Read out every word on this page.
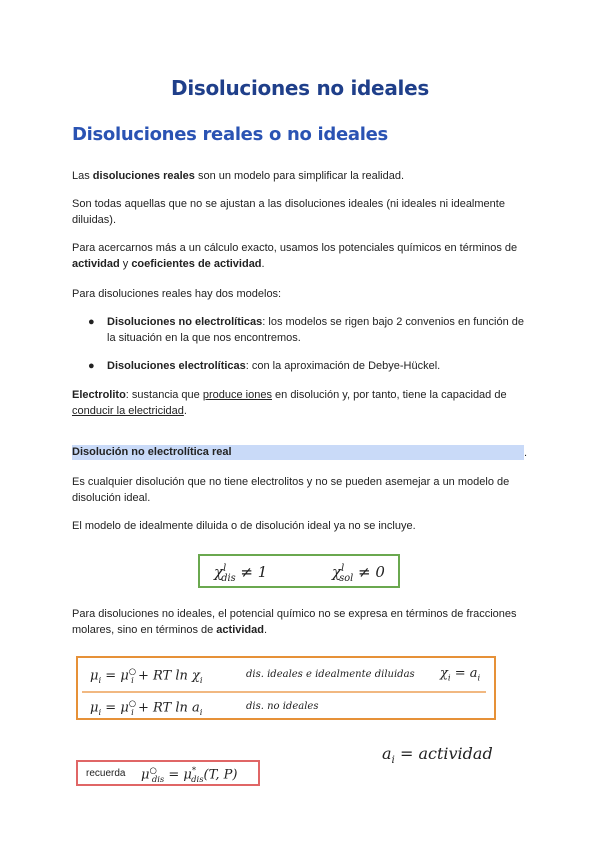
Disoluciones no ideales
Disoluciones reales o no ideales
Las disoluciones reales son un modelo para simplificar la realidad.
Son todas aquellas que no se ajustan a las disoluciones ideales (ni ideales ni idealmente diluidas).
Para acercarnos más a un cálculo exacto, usamos los potenciales químicos en términos de actividad y coeficientes de actividad.
Para disoluciones reales hay dos modelos:
● Disoluciones no electrolíticas: los modelos se rigen bajo 2 convenios en función de la situación en la que nos encontremos.
● Disoluciones electrolíticas: con la aproximación de Debye-Hückel.
Electrolito: sustancia que produce iones en disolución y, por tanto, tiene la capacidad de conducir la electricidad.
Disolución no electrolítica real	.
Es cualquier disolución que no tiene electrolitos y no se pueden asemejar a un modelo de disolución ideal.
El modelo de idealmente diluida o de disolución ideal ya no se incluye.
$\chi^l_{dis} \ne 1$	$\chi^l_{sol} \ne 0$
Para disoluciones no ideales, el potencial químico no se expresa en términos de fracciones molares, sino en términos de actividad.
$\mu_i = \mu^○_i$ + RT $\ln \chi_i$	dis. ideales e idealmente diluidas $\chi_i = a_i$
$\mu_i = \mu^○_i$ + RT $\ln a_i$	dis. no ideales
$a_i$ = actividad
recuerda $\mu^○_{dis} = \mu^*_{dis}(T$, P)
